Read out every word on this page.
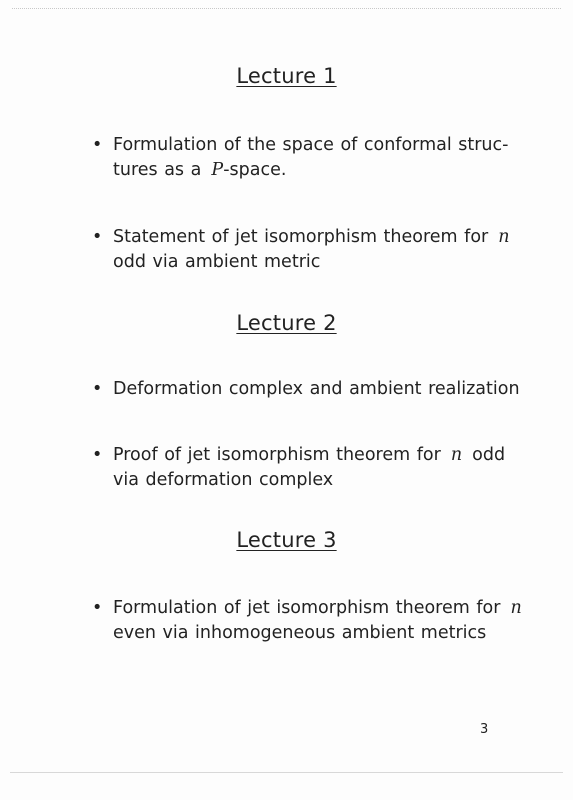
Lecture 1
• Formulation of the space of conformal struc-
tures as a  P-space.
• Statement of jet isomorphism theorem for  n
odd via ambient metric
Lecture 2
• Deformation complex and ambient realization
• Proof of jet isomorphism theorem for  n  odd
via deformation complex
Lecture 3
• Formulation of jet isomorphism theorem for  n
even via inhomogeneous ambient metrics
3
